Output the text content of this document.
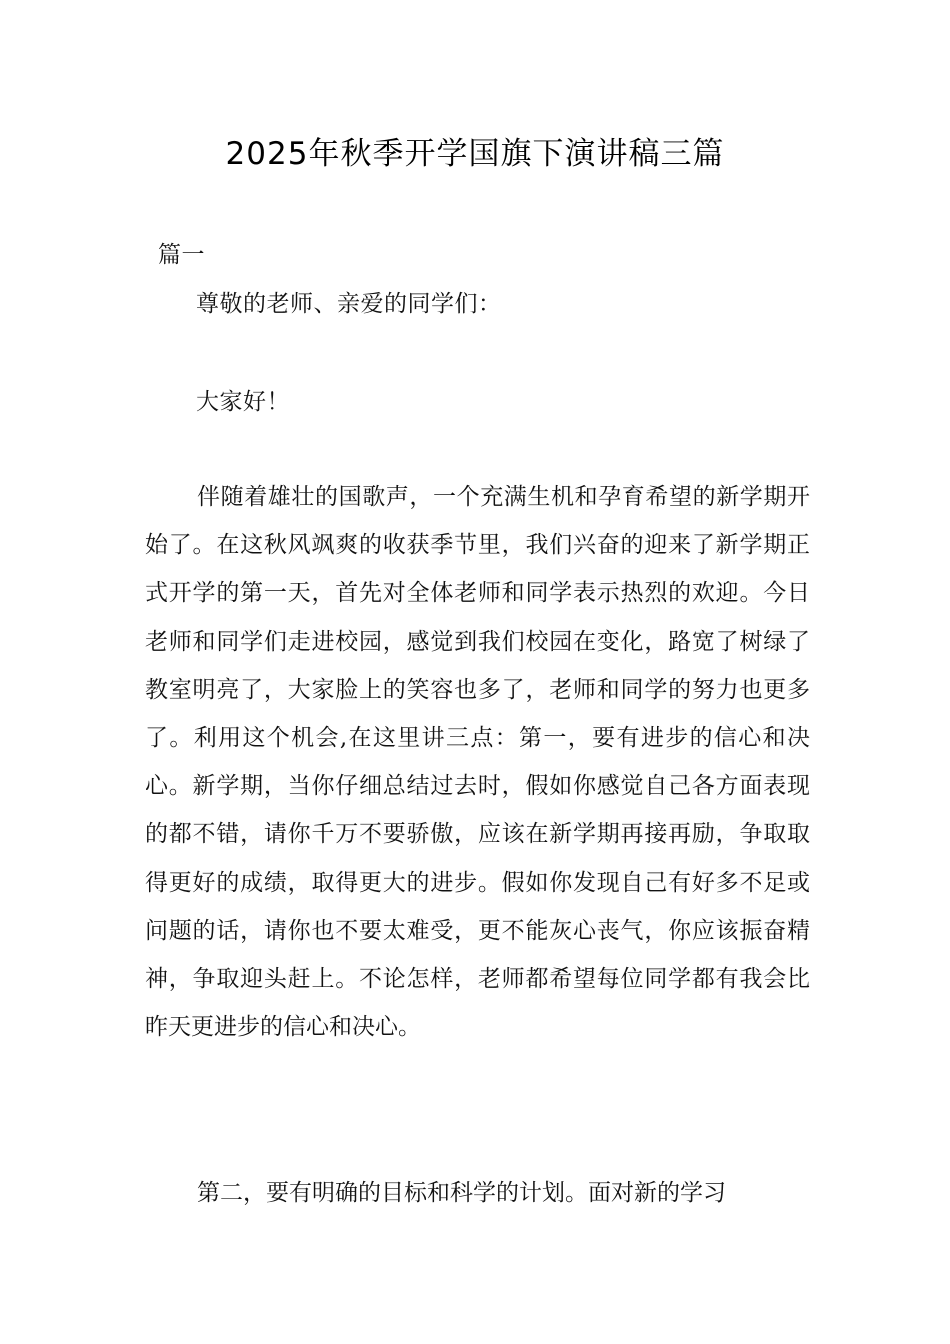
2025年秋季开学国旗下演讲稿三篇
篇一
尊敬的老师、亲爱的同学们：
大家好！

伴随着雄壮的国歌声，一个充满生机和孕育希望的新学期开始了。在这秋风飒爽的收获季节里，我们兴奋的迎来了新学期正式开学的第一天，首先对全体老师和同学表示热烈的欢迎。今日老师和同学们走进校园，感觉到我们校园在变化，路宽了树绿了教室明亮了，大家脸上的笑容也多了，老师和同学的努力也更多了。利用这个机会,在这里讲三点：第一，要有进步的信心和决心。新学期，当你仔细总结过去时，假如你感觉自己各方面表现的都不错，请你千万不要骄傲，应该在新学期再接再励，争取取得更好的成绩，取得更大的进步。假如你发现自己有好多不足或问题的话，请你也不要太难受，更不能灰心丧气，你应该振奋精神，争取迎头赶上。不论怎样，老师都希望每位同学都有我会比昨天更进步的信心和决心。

第二，要有明确的目标和科学的计划。面对新的学习
